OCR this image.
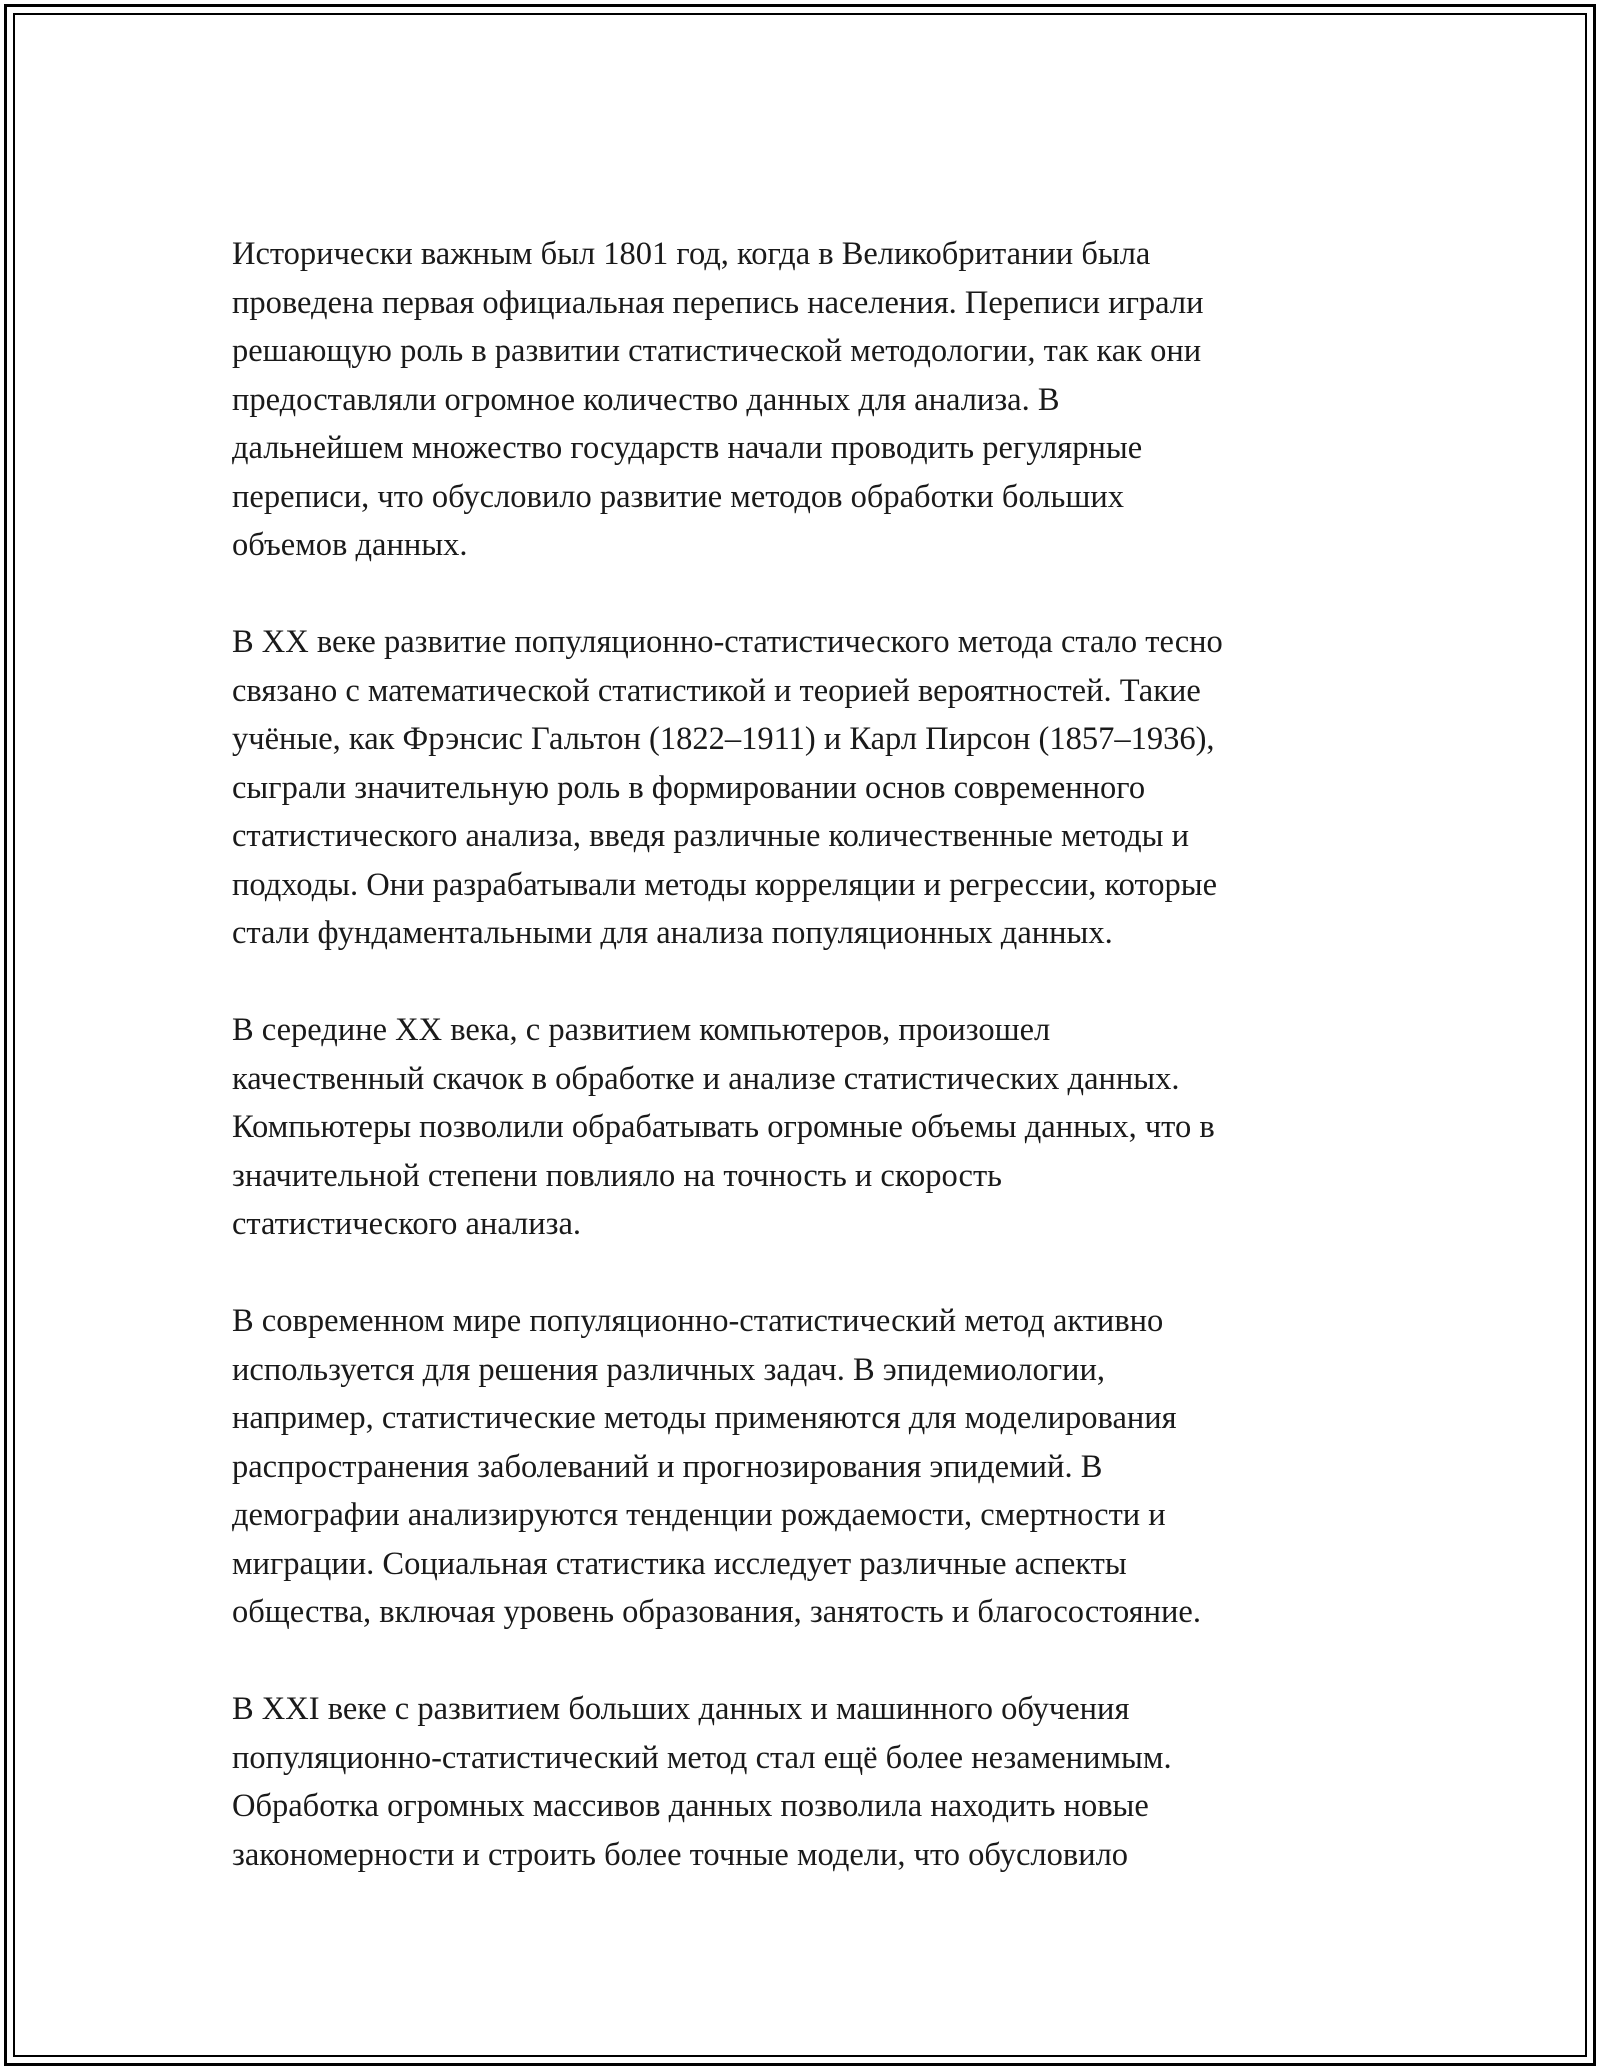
Исторически важным был 1801 год, когда в Великобритании была
проведена первая официальная перепись населения. Переписи играли
решающую роль в развитии статистической методологии, так как они
предоставляли огромное количество данных для анализа. В
дальнейшем множество государств начали проводить регулярные
переписи, что обусловило развитие методов обработки больших
объемов данных.

В XX веке развитие популяционно-статистического метода стало тесно
связано с математической статистикой и теорией вероятностей. Такие
учёные, как Фрэнсис Гальтон (1822–1911) и Карл Пирсон (1857–1936),
сыграли значительную роль в формировании основ современного
статистического анализа, введя различные количественные методы и
подходы. Они разрабатывали методы корреляции и регрессии, которые
стали фундаментальными для анализа популяционных данных.

В середине XX века, с развитием компьютеров, произошел
качественный скачок в обработке и анализе статистических данных.
Компьютеры позволили обрабатывать огромные объемы данных, что в
значительной степени повлияло на точность и скорость
статистического анализа.

В современном мире популяционно-статистический метод активно
используется для решения различных задач. В эпидемиологии,
например, статистические методы применяются для моделирования
распространения заболеваний и прогнозирования эпидемий. В
демографии анализируются тенденции рождаемости, смертности и
миграции. Социальная статистика исследует различные аспекты
общества, включая уровень образования, занятость и благосостояние.

В XXI веке с развитием больших данных и машинного обучения
популяционно-статистический метод стал ещё более незаменимым.
Обработка огромных массивов данных позволила находить новые
закономерности и строить более точные модели, что обусловило
